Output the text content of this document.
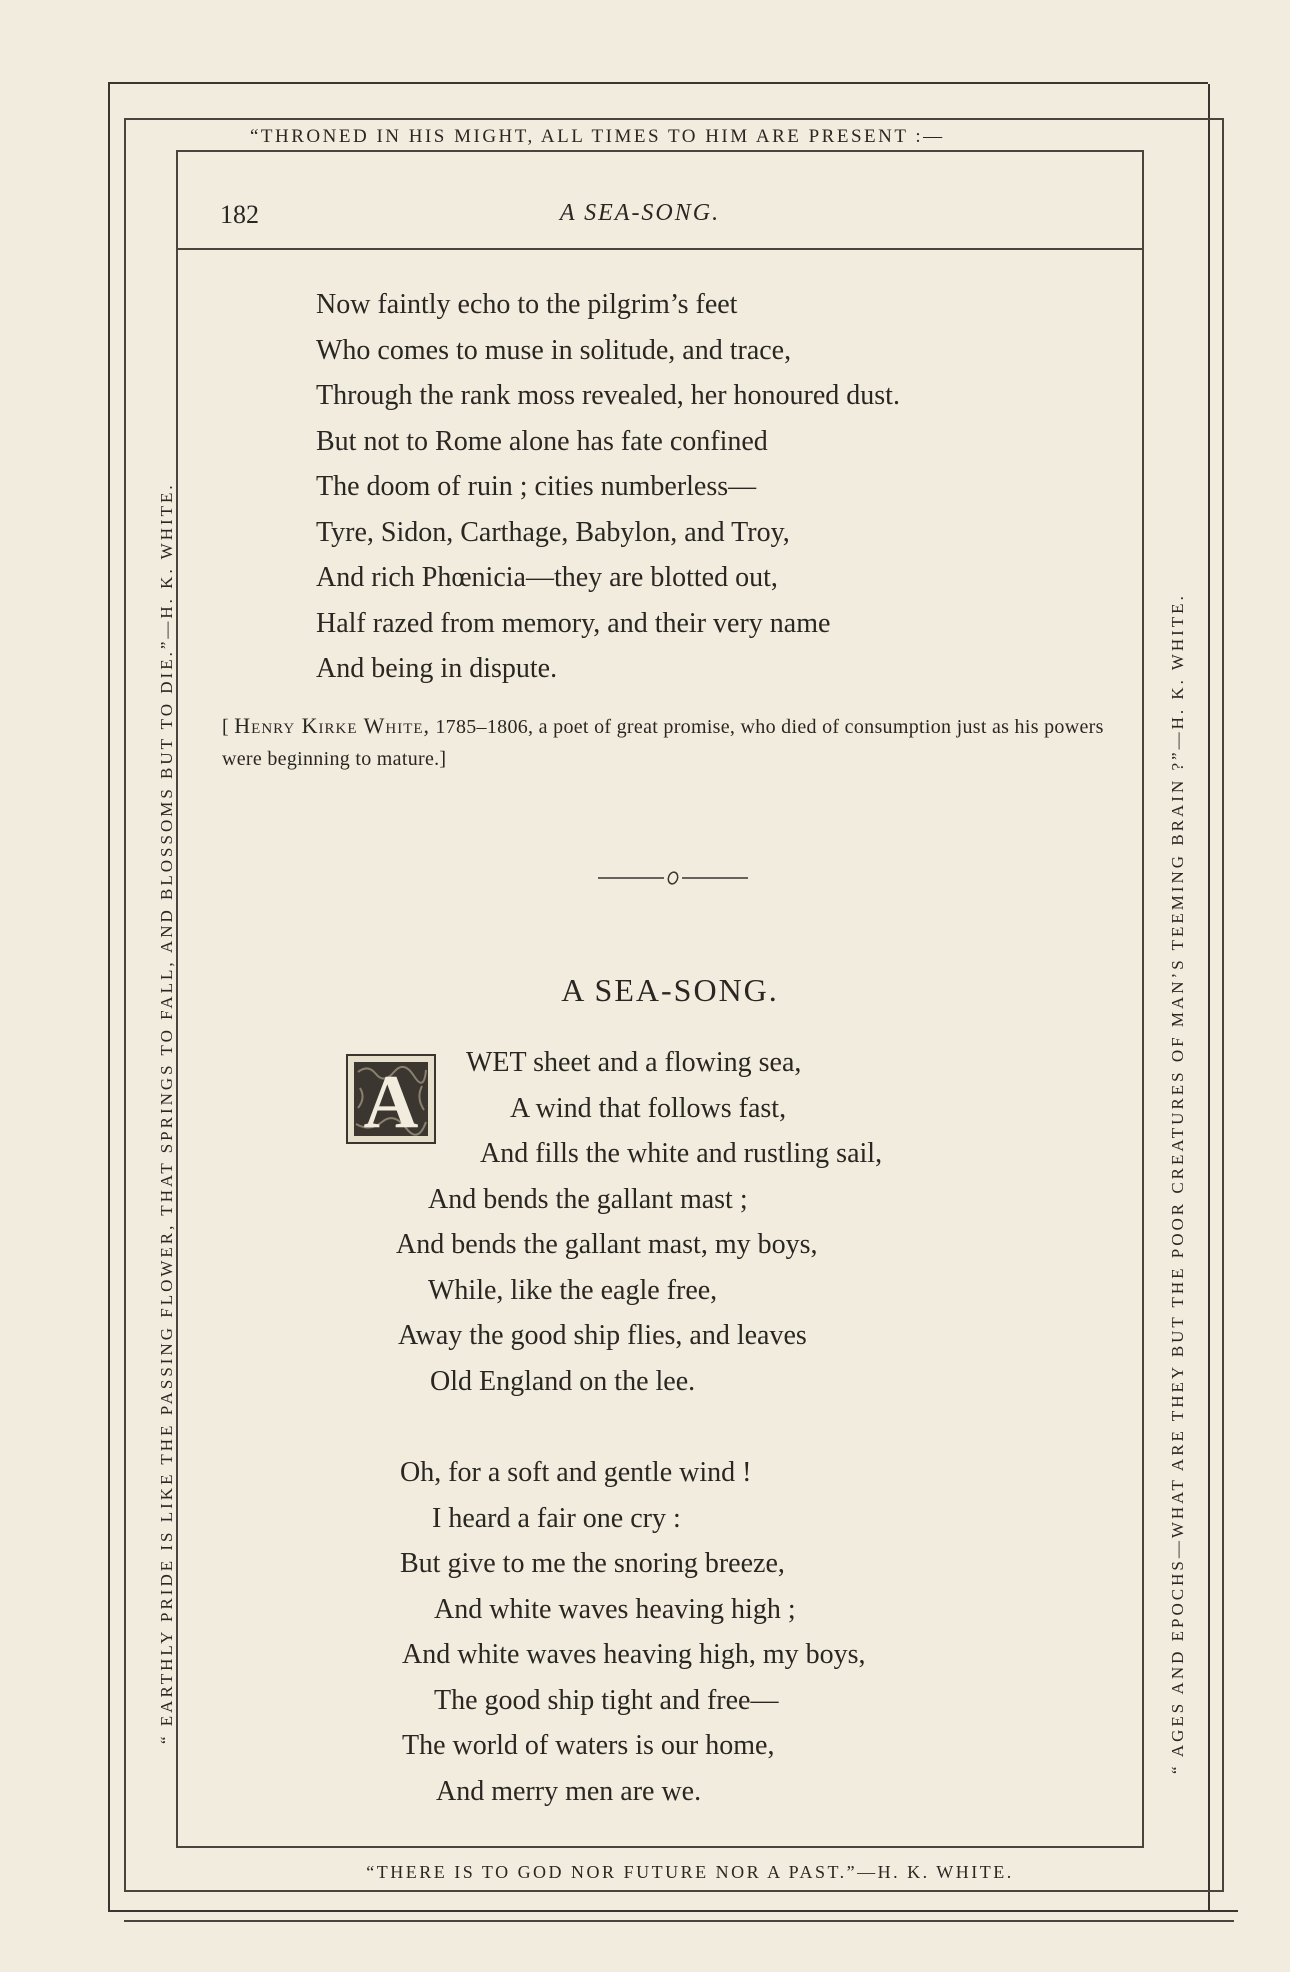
“THRONED IN HIS MIGHT, ALL TIMES TO HIM ARE PRESENT :—
“ EARTHLY PRIDE IS LIKE THE PASSING FLOWER, THAT SPRINGS TO FALL, AND BLOSSOMS BUT TO DIE.”—H. K. WHITE.	“ AGES AND EPOCHS—WHAT ARE THEY BUT THE POOR CREATURES OF MAN’S TEEMING BRAIN ?”—H. K. WHITE.
“THERE IS TO GOD NOR FUTURE NOR A PAST.”—H. K. WHITE.
182	A SEA-SONG.
Now faintly echo to the pilgrim’s feet
Who comes to muse in solitude, and trace,
Through the rank moss revealed, her honoured dust.
But not to Rome alone has fate confined
The doom of ruin ; cities numberless—
Tyre, Sidon, Carthage, Babylon, and Troy,
And rich Phœnicia—they are blotted out,
Half razed from memory, and their very name
And being in dispute.
[ Henry Kirke White, 1785–1806, a poet of great promise, who died of consumption just as his powers were beginning to mature.]
A SEA-SONG.
A	WET sheet and a flowing sea,
A wind that follows fast,
And fills the white and rustling sail,
And bends the gallant mast ;
And bends the gallant mast, my boys,
While, like the eagle free,
Away the good ship flies, and leaves
Old England on the lee.
Oh, for a soft and gentle wind !
I heard a fair one cry :
But give to me the snoring breeze,
And white waves heaving high ;
And white waves heaving high, my boys,
The good ship tight and free—
The world of waters is our home,
And merry men are we.
